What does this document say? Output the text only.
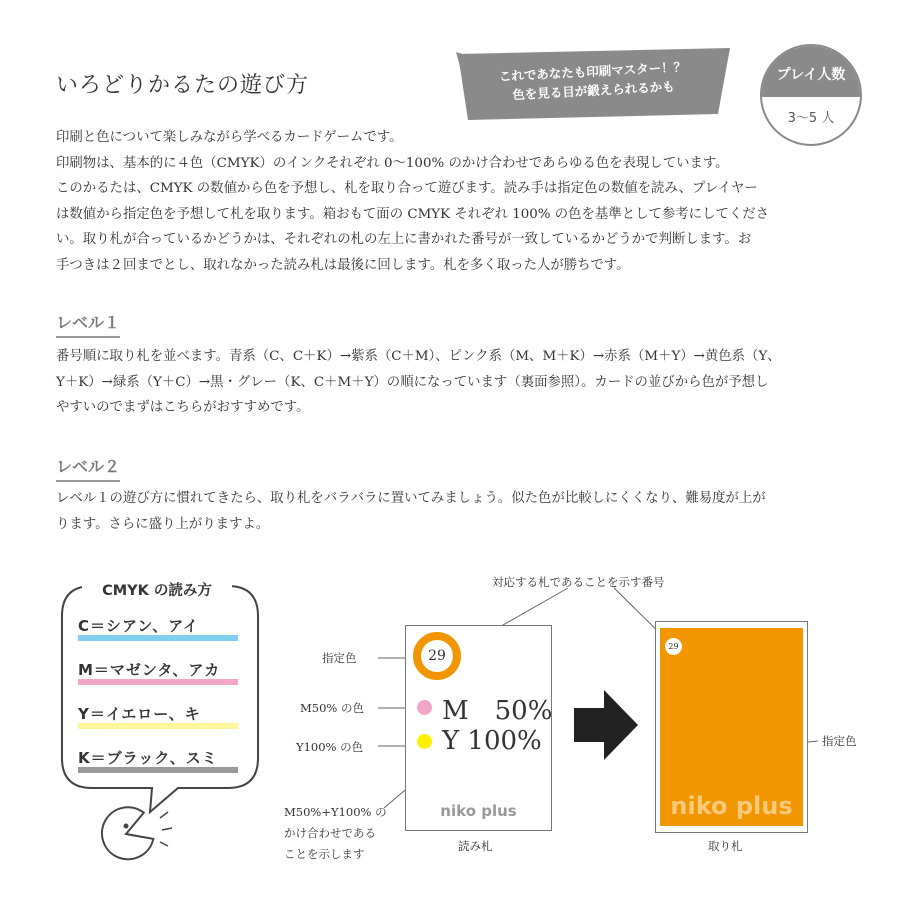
いろどりかるたの遊び方
これであなたも印刷マスター！？
色を見る目が鍛えられるかも
プレイ人数
3〜5 人
印刷と色について楽しみながら学べるカードゲームです。
印刷物は、基本的に４色（CMYK）のインクそれぞれ 0〜100% のかけ合わせであらゆる色を表現しています。
このかるたは、CMYK の数値から色を予想し、札を取り合って遊びます。読み手は指定色の数値を読み、プレイヤー
は数値から指定色を予想して札を取ります。箱おもて面の CMYK それぞれ 100% の色を基準として参考にしてくださ
い。取り札が合っているかどうかは、それぞれの札の左上に書かれた番号が一致しているかどうかで判断します。お
手つきは２回までとし、取れなかった読み札は最後に回します。札を多く取った人が勝ちです。
レベル１
番号順に取り札を並べます。青系（C、C＋K）→紫系（C＋M）、ピンク系（M、M＋K）→赤系（M＋Y）→黄色系（Y、
Y＋K）→緑系（Y＋C）→黒・グレー（K、C＋M＋Y）の順になっています（裏面参照）。カードの並びから色が予想し
やすいのでまずはこちらがおすすめです。
レベル２
レベル１の遊び方に慣れてきたら、取り札をバラバラに置いてみましょう。似た色が比較しにくくなり、難易度が上が
ります。さらに盛り上がりますよ。
CMYK の読み方
C＝シアン、アイ
M＝マゼンタ、アカ
Y＝イエロー、キ
K＝ブラック、スミ
対応する札であることを示す番号
指定色
M50% の色
Y100% の色
M50%+Y100% の
かけ合わせである
ことを示します
29
M　50%
Y 100%
niko plus
読み札
29
niko plus
取り札
指定色
